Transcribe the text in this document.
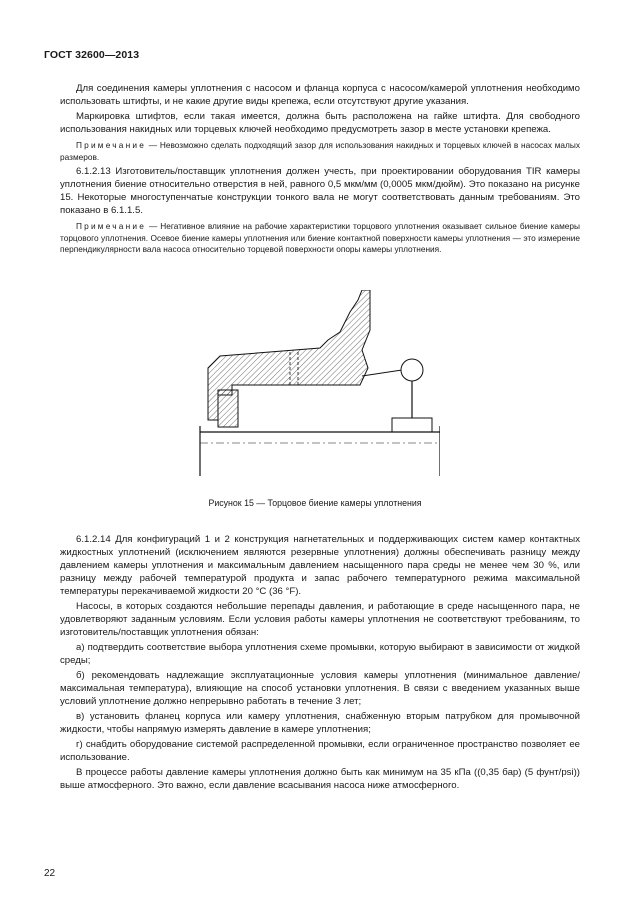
ГОСТ 32600—2013

Для соединения камеры уплотнения с насосом и фланца корпуса с насосом/камерой уплотнения необходимо использовать штифты, и не какие другие виды крепежа, если отсутствуют другие указания.

Маркировка штифтов, если такая имеется, должна быть расположена на гайке штифта. Для свободного использования накидных или торцевых ключей необходимо предусмотреть зазор в месте установки крепежа.

Примечание — Невозможно сделать подходящий зазор для использования накидных и торцевых ключей в насосах малых размеров.

6.1.2.13 Изготовитель/поставщик уплотнения должен учесть, при проектировании оборудования TIR камеры уплотнения биение относительно отверстия в ней, равного 0,5 мкм/мм (0,0005 мкм/дюйм). Это показано на рисунке 15. Некоторые многоступенчатые конструкции тонкого вала не могут соответствовать данным требованиям. Это показано в 6.1.1.5.

Примечание — Негативное влияние на рабочие характеристики торцового уплотнения оказывает сильное биение камеры торцового уплотнения. Осевое биение камеры уплотнения или биение контактной поверхности камеры уплотнения — это измерение перпендикулярности вала насоса относительно торцевой поверхности опоры камеры уплотнения.

Рисунок 15 — Торцовое биение камеры уплотнения

6.1.2.14 Для конфигураций 1 и 2 конструкция нагнетательных и поддерживающих систем камер контактных жидкостных уплотнений (исключением являются резервные уплотнения) должны обеспечивать разницу между давлением камеры уплотнения и максимальным давлением насыщенного пара среды не менее чем 30 %, или разницу между рабочей температурой продукта и запас рабочего температурного режима максимальной температуры перекачиваемой жидкости 20 °С (36 °F).

Насосы, в которых создаются небольшие перепады давления, и работающие в среде насыщенного пара, не удовлетворяют заданным условиям. Если условия работы камеры уплотнения не соответствуют требованиям, то изготовитель/поставщик уплотнения обязан:

а) подтвердить соответствие выбора уплотнения схеме промывки, которую выбирают в зависимости от жидкой среды;

б) рекомендовать надлежащие эксплуатационные условия камеры уплотнения (минимальное давление/максимальная температура), влияющие на способ установки уплотнения. В связи с введением указанных выше условий уплотнение должно непрерывно работать в течение 3 лет;

в) установить фланец корпуса или камеру уплотнения, снабженную вторым патрубком для промывочной жидкости, чтобы напрямую измерять давление в камере уплотнения;

г) снабдить оборудование системой распределенной промывки, если ограниченное пространство позволяет ее использование.

В процессе работы давление камеры уплотнения должно быть как минимум на 35 кПа ((0,35 бар) (5 фунт/psi)) выше атмосферного. Это важно, если давление всасывания насоса ниже атмосферного.

22
